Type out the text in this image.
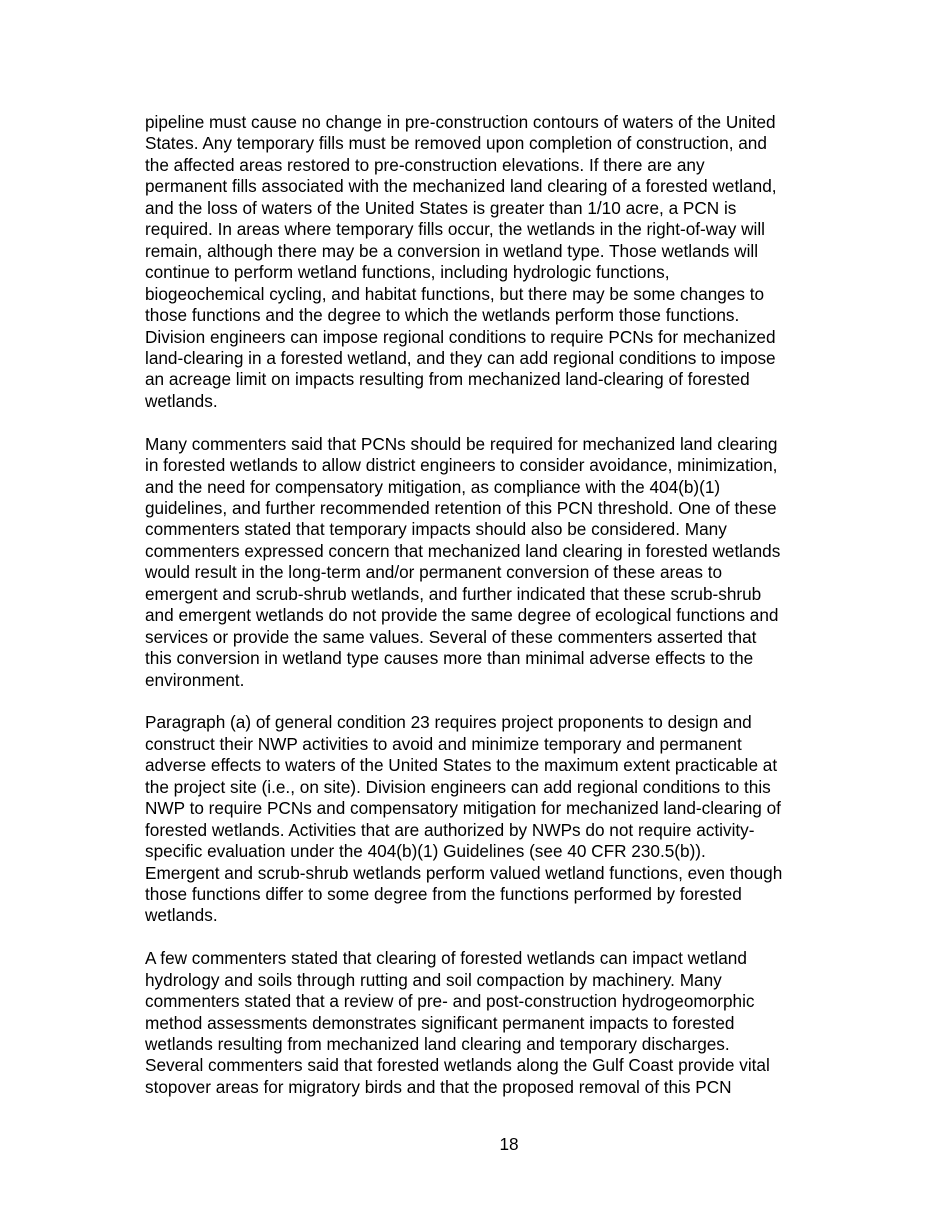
pipeline must cause no change in pre-construction contours of waters of the United
States. Any temporary fills must be removed upon completion of construction, and
the affected areas restored to pre-construction elevations. If there are any
permanent fills associated with the mechanized land clearing of a forested wetland,
and the loss of waters of the United States is greater than 1/10 acre, a PCN is
required. In areas where temporary fills occur, the wetlands in the right-of-way will
remain, although there may be a conversion in wetland type. Those wetlands will
continue to perform wetland functions, including hydrologic functions,
biogeochemical cycling, and habitat functions, but there may be some changes to
those functions and the degree to which the wetlands perform those functions.
Division engineers can impose regional conditions to require PCNs for mechanized
land-clearing in a forested wetland, and they can add regional conditions to impose
an acreage limit on impacts resulting from mechanized land-clearing of forested
wetlands.

Many commenters said that PCNs should be required for mechanized land clearing
in forested wetlands to allow district engineers to consider avoidance, minimization,
and the need for compensatory mitigation, as compliance with the 404(b)(1)
guidelines, and further recommended retention of this PCN threshold. One of these
commenters stated that temporary impacts should also be considered. Many
commenters expressed concern that mechanized land clearing in forested wetlands
would result in the long-term and/or permanent conversion of these areas to
emergent and scrub-shrub wetlands, and further indicated that these scrub-shrub
and emergent wetlands do not provide the same degree of ecological functions and
services or provide the same values. Several of these commenters asserted that
this conversion in wetland type causes more than minimal adverse effects to the
environment.

Paragraph (a) of general condition 23 requires project proponents to design and
construct their NWP activities to avoid and minimize temporary and permanent
adverse effects to waters of the United States to the maximum extent practicable at
the project site (i.e., on site). Division engineers can add regional conditions to this
NWP to require PCNs and compensatory mitigation for mechanized land-clearing of
forested wetlands. Activities that are authorized by NWPs do not require activity-
specific evaluation under the 404(b)(1) Guidelines (see 40 CFR 230.5(b)).
Emergent and scrub-shrub wetlands perform valued wetland functions, even though
those functions differ to some degree from the functions performed by forested
wetlands.

A few commenters stated that clearing of forested wetlands can impact wetland
hydrology and soils through rutting and soil compaction by machinery. Many
commenters stated that a review of pre- and post-construction hydrogeomorphic
method assessments demonstrates significant permanent impacts to forested
wetlands resulting from mechanized land clearing and temporary discharges.
Several commenters said that forested wetlands along the Gulf Coast provide vital
stopover areas for migratory birds and that the proposed removal of this PCN

18
